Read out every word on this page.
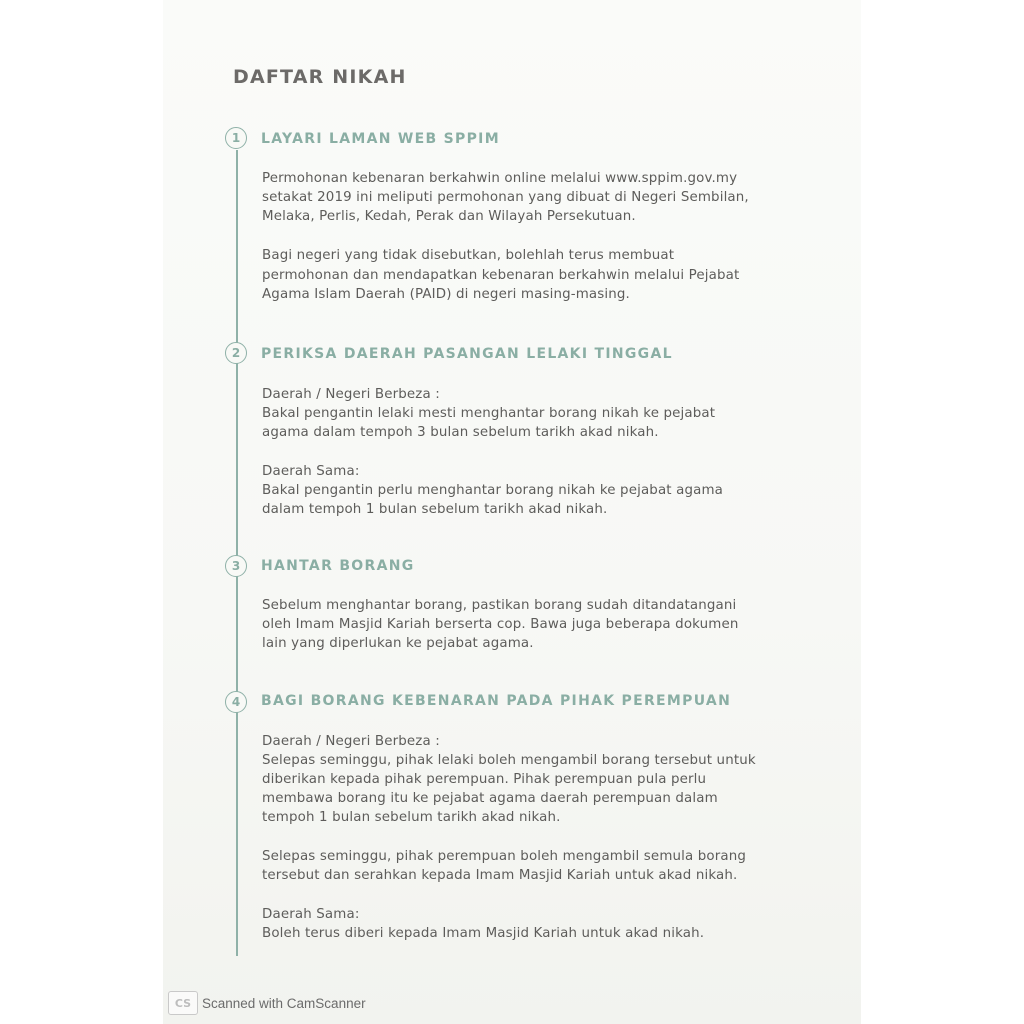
DAFTAR NIKAH
1	LAYARI LAMAN WEB SPPIM

Permohonan kebenaran berkahwin online melalui www.sppim.gov.my

setakat 2019 ini meliputi permohonan yang dibuat di Negeri Sembilan,

Melaka, Perlis, Kedah, Perak dan Wilayah Persekutuan.

Bagi negeri yang tidak disebutkan, bolehlah terus membuat

permohonan dan mendapatkan kebenaran berkahwin melalui Pejabat

Agama Islam Daerah (PAID) di negeri masing-masing.

2	PERIKSA DAERAH PASANGAN LELAKI TINGGAL

Daerah / Negeri Berbeza :

Bakal pengantin lelaki mesti menghantar borang nikah ke pejabat

agama dalam tempoh 3 bulan sebelum tarikh akad nikah.

Daerah Sama:

Bakal pengantin perlu menghantar borang nikah ke pejabat agama

dalam tempoh 1 bulan sebelum tarikh akad nikah.

3	HANTAR BORANG

Sebelum menghantar borang, pastikan borang sudah ditandatangani

oleh Imam Masjid Kariah berserta cop. Bawa juga beberapa dokumen

lain yang diperlukan ke pejabat agama.

4	BAGI BORANG KEBENARAN PADA PIHAK PEREMPUAN

Daerah / Negeri Berbeza :

Selepas seminggu, pihak lelaki boleh mengambil borang tersebut untuk

diberikan kepada pihak perempuan. Pihak perempuan pula perlu

membawa borang itu ke pejabat agama daerah perempuan dalam

tempoh 1 bulan sebelum tarikh akad nikah.

Selepas seminggu, pihak perempuan boleh mengambil semula borang

tersebut dan serahkan kepada Imam Masjid Kariah untuk akad nikah.

Daerah Sama:

Boleh terus diberi kepada Imam Masjid Kariah untuk akad nikah.

CS Scanned with CamScanner
